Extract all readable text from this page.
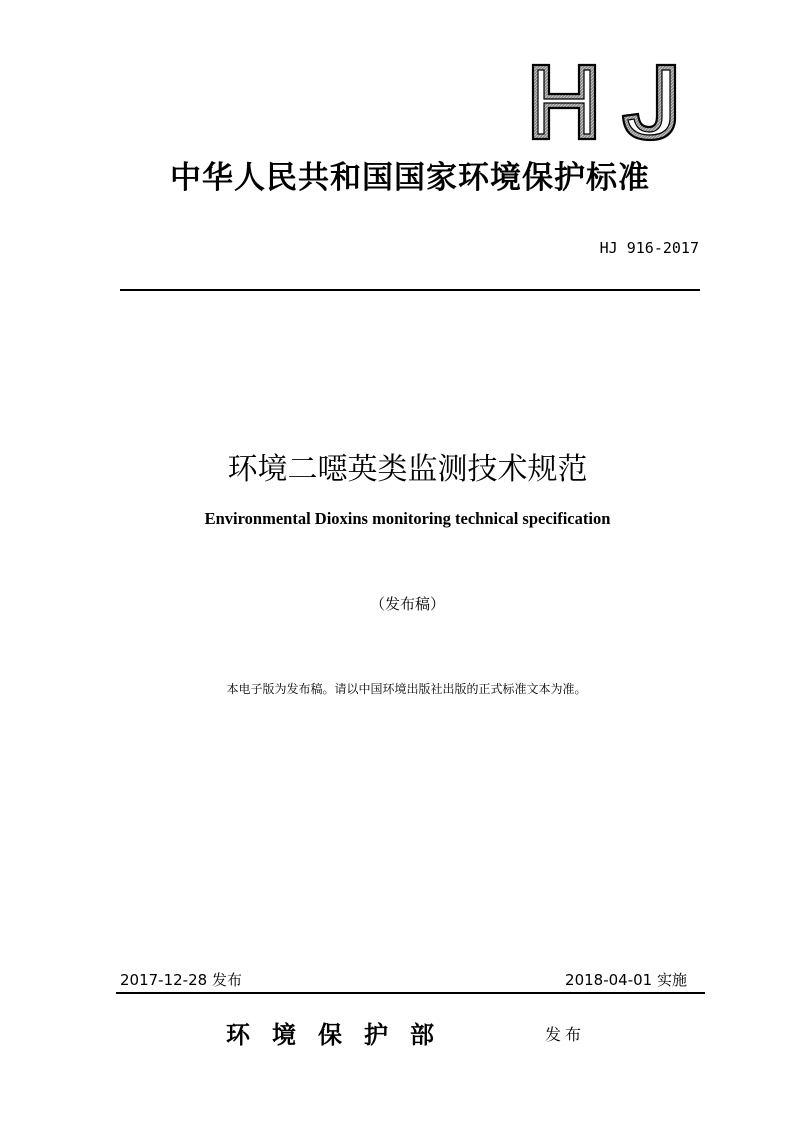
中华人民共和国国家环境保护标准
HJ 916-2017
环境二噁英类监测技术规范
Environmental Dioxins monitoring technical specification
（发布稿）
本电子版为发布稿。请以中国环境出版社出版的正式标准文本为准。
2017-12-28 发布	2018-04-01 实施
环境保护部	发布
